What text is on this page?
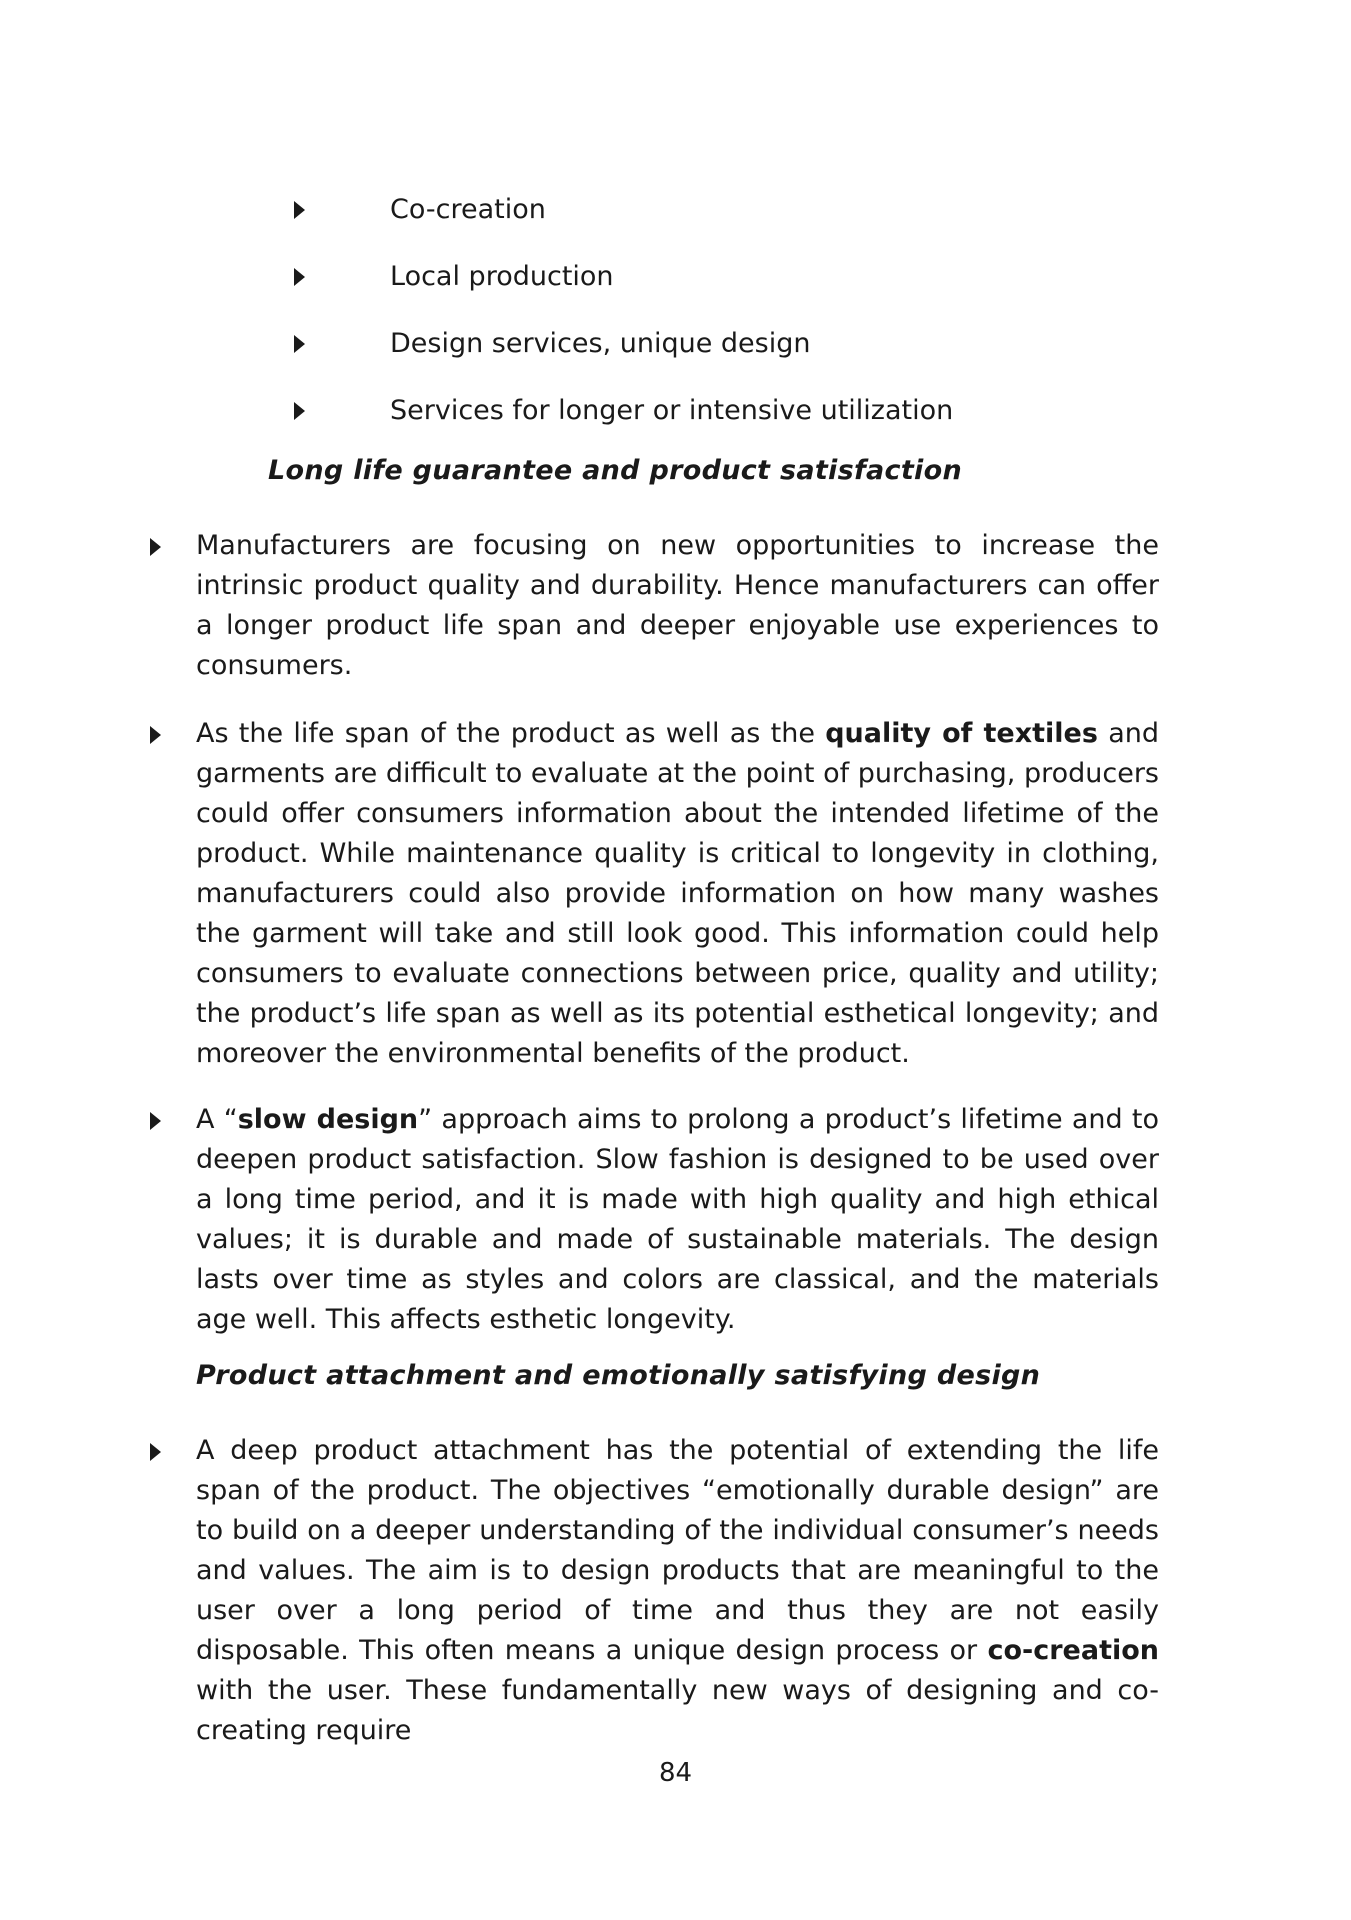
Co-creation
Local production
Design services, unique design
Services for longer or intensive utilization
Long life guarantee and product satisfaction

Manufacturers are focusing on new opportunities to increase the intrinsic product quality and durability. Hence manufacturers can offer a longer product life span and deeper enjoyable use experiences to consumers.

As the life span of the product as well as the quality of textiles and garments are difficult to evaluate at the point of purchasing, producers could offer consumers information about the intended lifetime of the product. While maintenance quality is critical to longevity in clothing, manufacturers could also provide information on how many washes the garment will take and still look good. This information could help consumers to evaluate connections between price, quality and utility; the product’s life span as well as its potential esthetical longevity; and moreover the environmental benefits of the product.

A “slow design” approach aims to prolong a product’s lifetime and to deepen product satisfaction. Slow fashion is designed to be used over a long time period, and it is made with high quality and high ethical values; it is durable and made of sustainable materials. The design lasts over time as styles and colors are classical, and the materials age well. This affects esthetic longevity.

Product attachment and emotionally satisfying design

A deep product attachment has the potential of extending the life span of the product. The objectives “emotionally durable design” are to build on a deeper understanding of the individual consumer’s needs and values. The aim is to design products that are meaningful to the user over a long period of time and thus they are not easily disposable. This often means a unique design process or co-creation with the user. These fundamentally new ways of designing and co- creating require

84
